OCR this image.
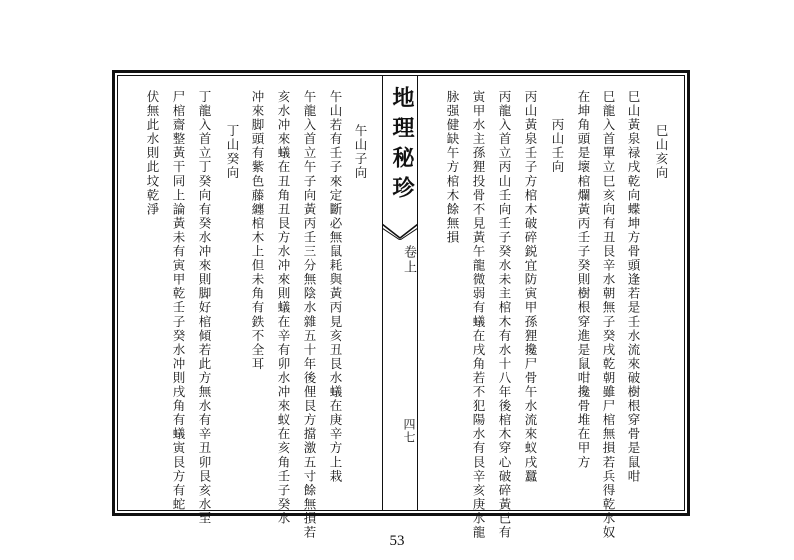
地理秘珍
卷上
四七
巳山亥向
巳山黃泉禄戌乾向蝶坤方骨頭逢若是壬水流來破樹根穿骨是鼠咁
巳龍入首單立巳亥向有丑艮辛水朝無子癸戌乾朝雖尸棺無損若兵得乾水奴
在坤角頭是壞棺爛黃丙壬子癸則樹根穿進是鼠咁攙骨堆在甲方
丙山壬向
丙山黃泉壬子方棺木破碎鋭宜防寅甲孫狸攙尸骨午水流來蚁戌蠶
丙龍入首立丙山壬向壬子癸水未主棺木有水十八年後棺木穿心破碎黃已有
寅甲水主孫狸投骨不見黃午龍微弱有蟻在戌角若不犯陽水有艮辛亥庚水龍
脉强健缺午方棺木餘無損
午山子向
午山若有壬子來定斷必無鼠耗與黃丙見亥丑艮水蟻在庚辛方上栽
午龍入首立午子向黃丙壬三分無陰水雜五十年後俚艮方擋激五寸餘無損若
亥水冲來蟻在丑角丑艮方水冲來則蟻在辛有卯水冲來蚁在亥角壬子癸水
冲來脚頭有紫色藤纏棺木上但未角有鉄不全耳
丁山癸向
丁龍入首立丁癸向有癸水冲來則脚好棺傾若此方無水有辛丑卯艮亥水至
尸棺齋整黃干同上論黃未有寅甲乾壬子癸水冲則戌角有蟻寅艮方有蛇
伏無此水則此坟乾淨
53
